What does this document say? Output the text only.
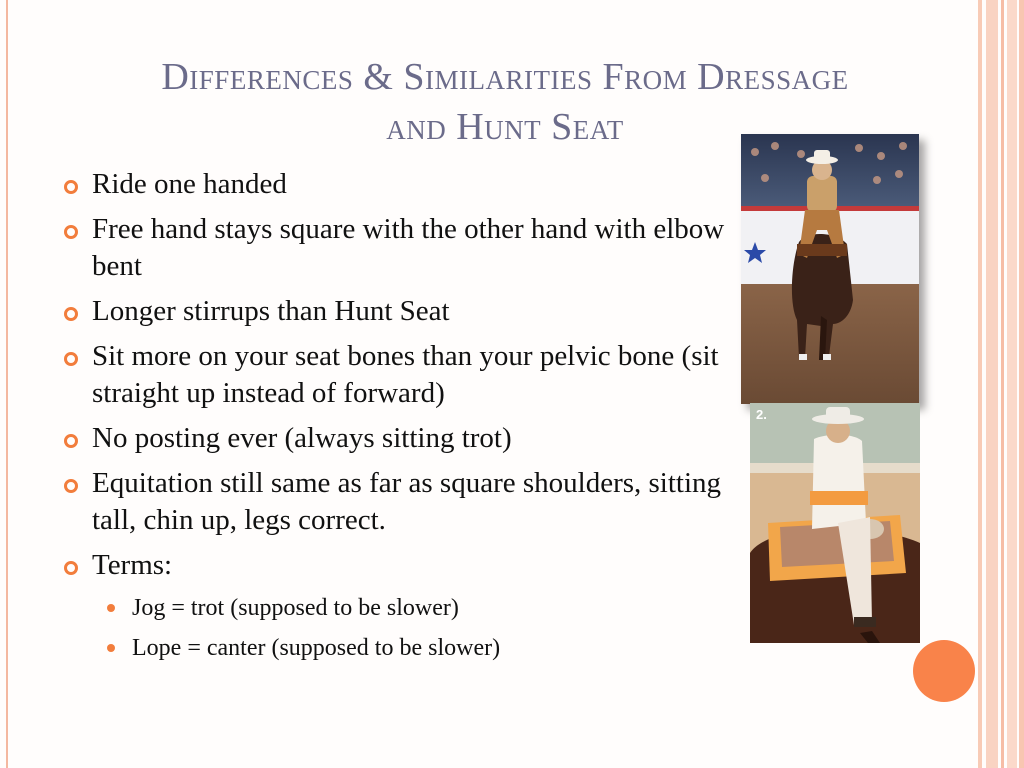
Differences & Similarities From Dressage
and Hunt Seat
Ride one handed
Free hand stays square with the other hand with elbow bent
Longer stirrups than Hunt Seat
Sit more on your seat bones than your pelvic bone (sit straight up instead of forward)
No posting ever (always sitting trot)
Equitation still same as far as square shoulders, sitting tall, chin up, legs correct.
Terms:
Jog = trot (supposed to be slower)
Lope = canter (supposed to be slower)
2.
